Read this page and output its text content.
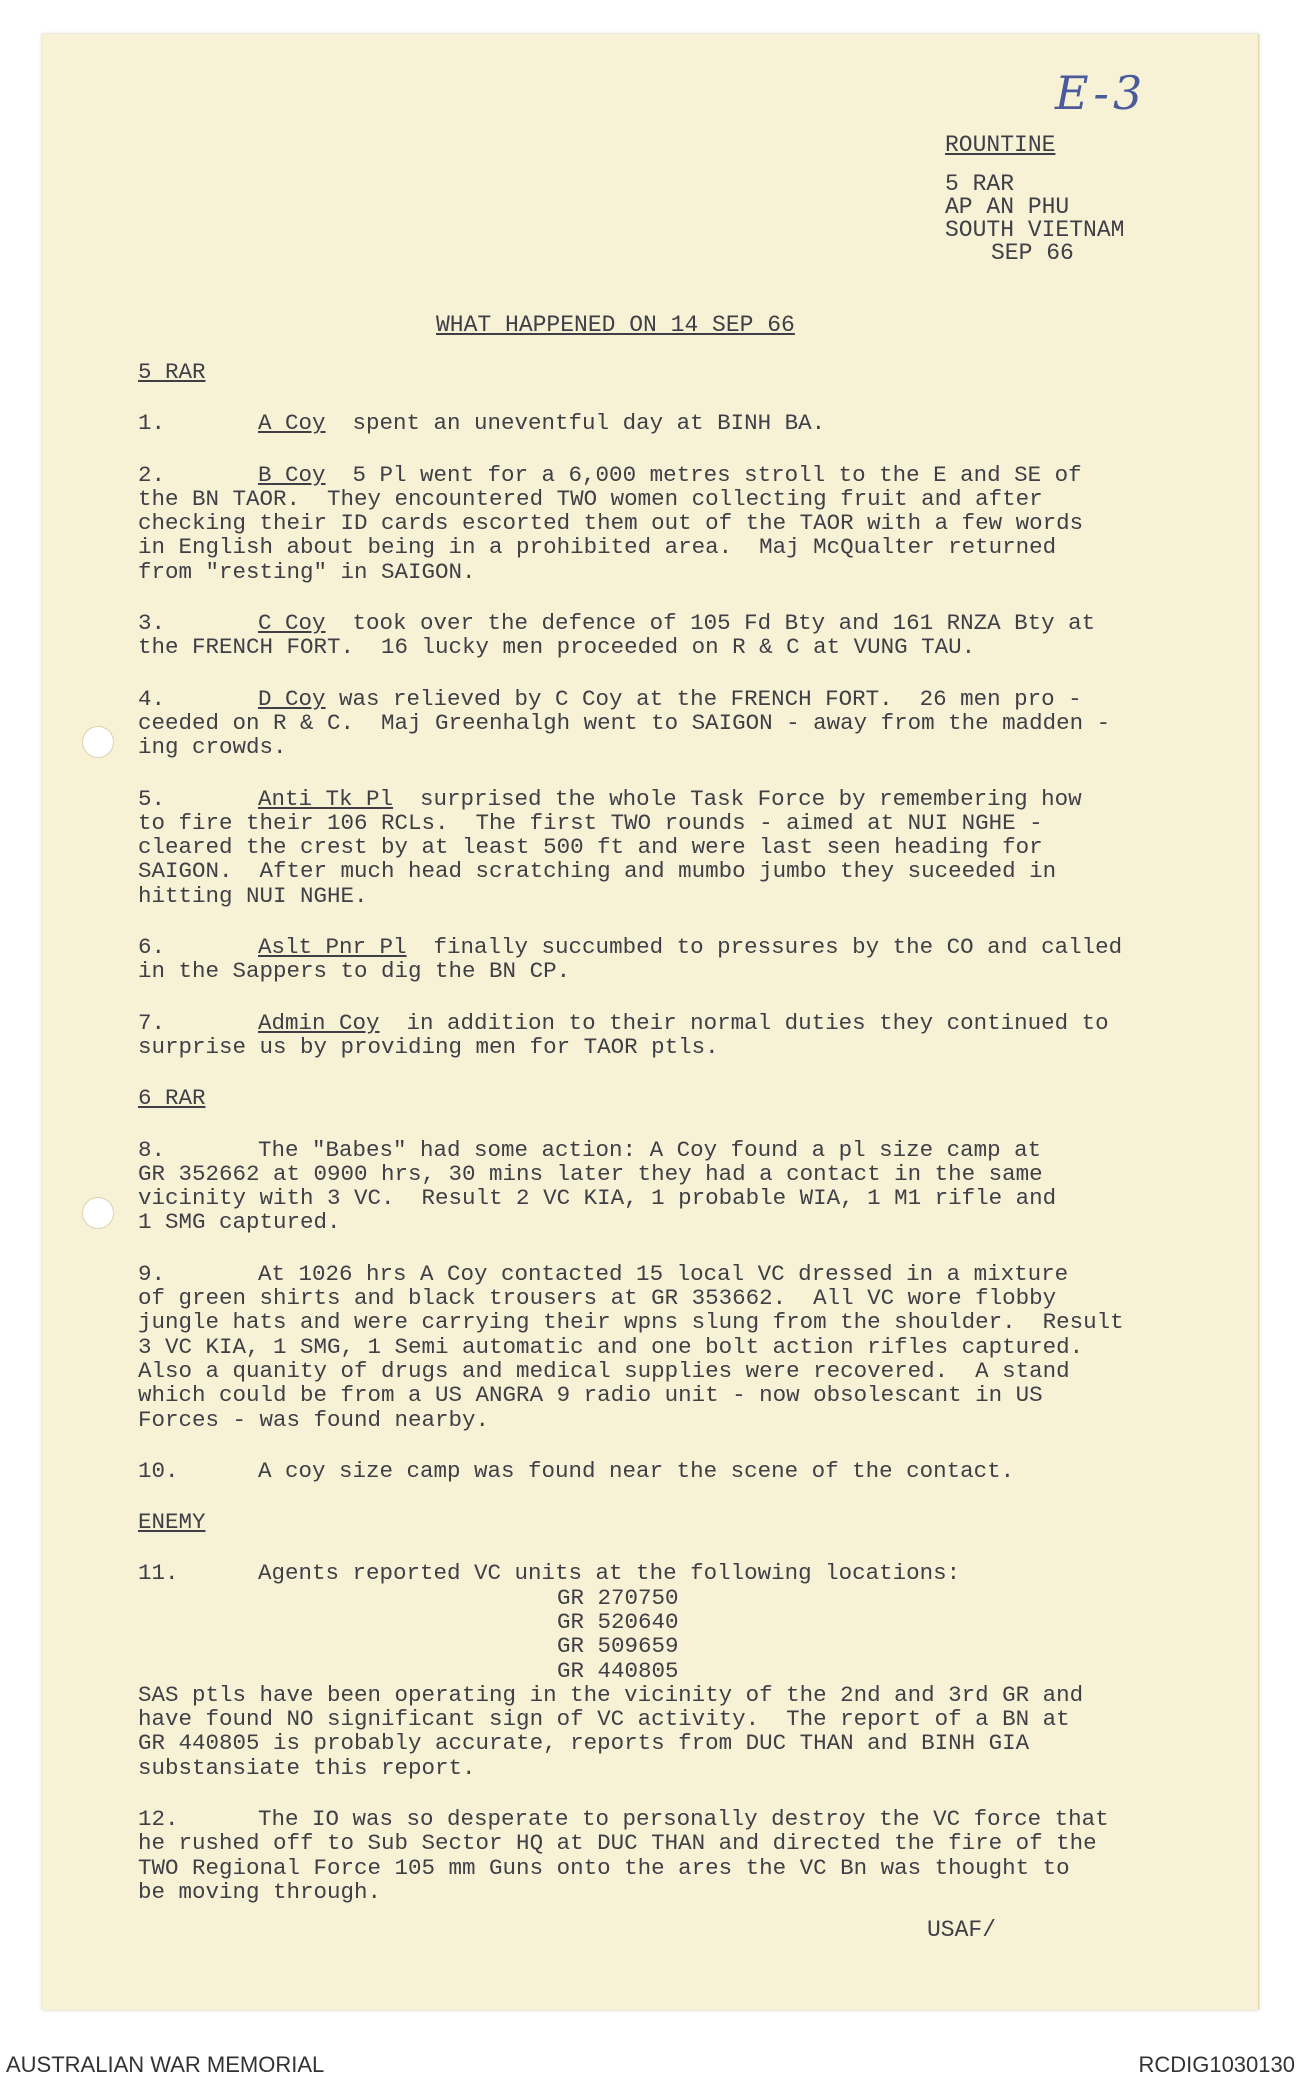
E-3
ROUNTINE
5 RAR
AP AN PHU
SOUTH VIETNAM
SEP 66
WHAT HAPPENED ON 14 SEP 66
5 RAR
1.	A Coy  spent an uneventful day at BINH BA.
2.	B Coy  5 Pl went for a 6,000 metres stroll to the E and SE of
the BN TAOR.  They encountered TWO women collecting fruit and after
checking their ID cards escorted them out of the TAOR with a few words
in English about being in a prohibited area.  Maj McQualter returned
from "resting" in SAIGON.
3.	C Coy  took over the defence of 105 Fd Bty and 161 RNZA Bty at
the FRENCH FORT.  16 lucky men proceeded on R & C at VUNG TAU.
4.	D Coy was relieved by C Coy at the FRENCH FORT.  26 men pro -
ceeded on R & C.  Maj Greenhalgh went to SAIGON - away from the madden -
ing crowds.
5.	Anti Tk Pl  surprised the whole Task Force by remembering how
to fire their 106 RCLs.  The first TWO rounds - aimed at NUI NGHE -
cleared the crest by at least 500 ft and were last seen heading for
SAIGON.  After much head scratching and mumbo jumbo they suceeded in
hitting NUI NGHE.
6.	Aslt Pnr Pl  finally succumbed to pressures by the CO and called
in the Sappers to dig the BN CP.
7.	Admin Coy  in addition to their normal duties they continued to
surprise us by providing men for TAOR ptls.
6 RAR
8.	The "Babes" had some action: A Coy found a pl size camp at
GR 352662 at 0900 hrs, 30 mins later they had a contact in the same
vicinity with 3 VC.  Result 2 VC KIA, 1 probable WIA, 1 M1 rifle and
1 SMG captured.
9.	At 1026 hrs A Coy contacted 15 local VC dressed in a mixture
of green shirts and black trousers at GR 353662.  All VC wore flobby
jungle hats and were carrying their wpns slung from the shoulder.  Result
3 VC KIA, 1 SMG, 1 Semi automatic and one bolt action rifles captured.
Also a quanity of drugs and medical supplies were recovered.  A stand
which could be from a US ANGRA 9 radio unit - now obsolescant in US
Forces - was found nearby.
10.	A coy size camp was found near the scene of the contact.
ENEMY
11.	Agents reported VC units at the following locations:

GR 270750
GR 520640
GR 509659
GR 440805
SAS ptls have been operating in the vicinity of the 2nd and 3rd GR and
have found NO significant sign of VC activity.  The report of a BN at
GR 440805 is probably accurate, reports from DUC THAN and BINH GIA
substansiate this report.
12.	The IO was so desperate to personally destroy the VC force that
he rushed off to Sub Sector HQ at DUC THAN and directed the fire of the
TWO Regional Force 105 mm Guns onto the ares the VC Bn was thought to
be moving through.
USAF/
AUSTRALIAN WAR MEMORIAL	RCDIG1030130
